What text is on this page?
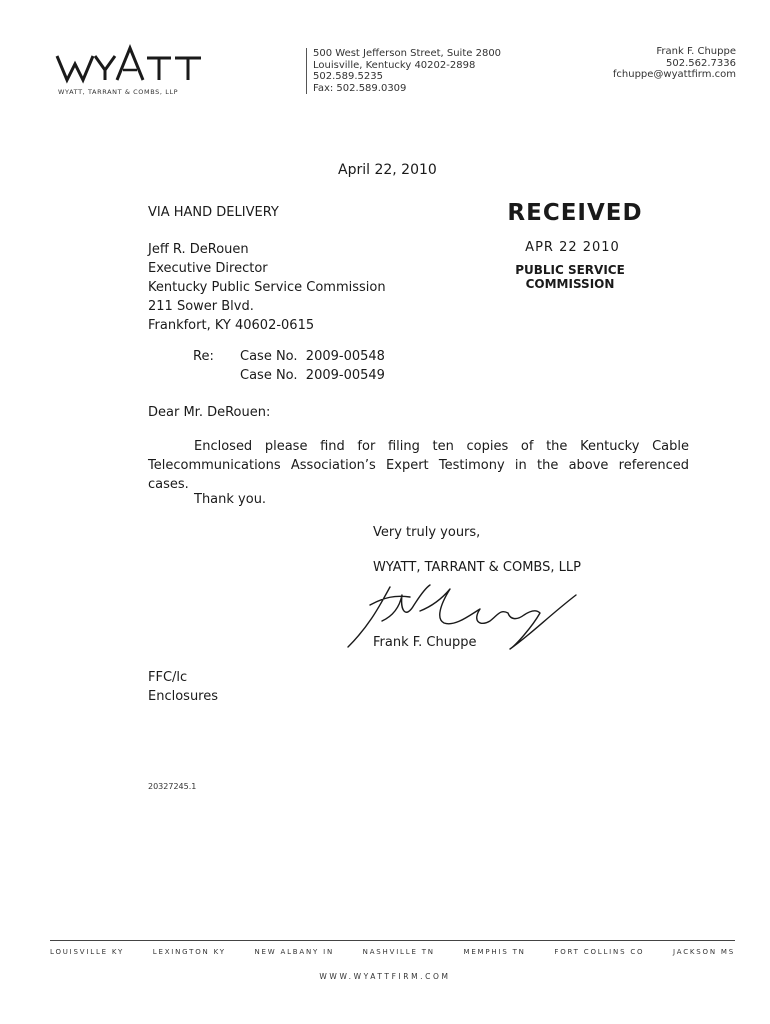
WYATT, TARRANT & COMBS, LLP
500 West Jefferson Street, Suite 2800
Louisville, Kentucky 40202-2898
502.589.5235
Fax: 502.589.0309
Frank F. Chuppe
502.562.7336
fchuppe@wyattfirm.com
April 22, 2010
VIA HAND DELIVERY
Jeff R. DeRouen
Executive Director
Kentucky Public Service Commission
211 Sower Blvd.
Frankfort, KY 40602-0615
RECEIVED
APR 22 2010
PUBLIC SERVICE
COMMISSION
Re: Case No.  2009-00548
Case No.  2009-00549
Dear Mr. DeRouen:
Enclosed please find for filing ten copies of the Kentucky Cable
Telecommunications Association’s Expert Testimony in the above referenced cases.
Thank you.
Very truly yours,
WYATT, TARRANT & COMBS, LLP
Frank F. Chuppe
FFC/lc
Enclosures
20327245.1
LOUISVILLE KY	LEXINGTON KY	NEW ALBANY IN	NASHVILLE TN	MEMPHIS TN	FORT COLLINS CO	JACKSON MS
WWW.WYATTFIRM.COM
